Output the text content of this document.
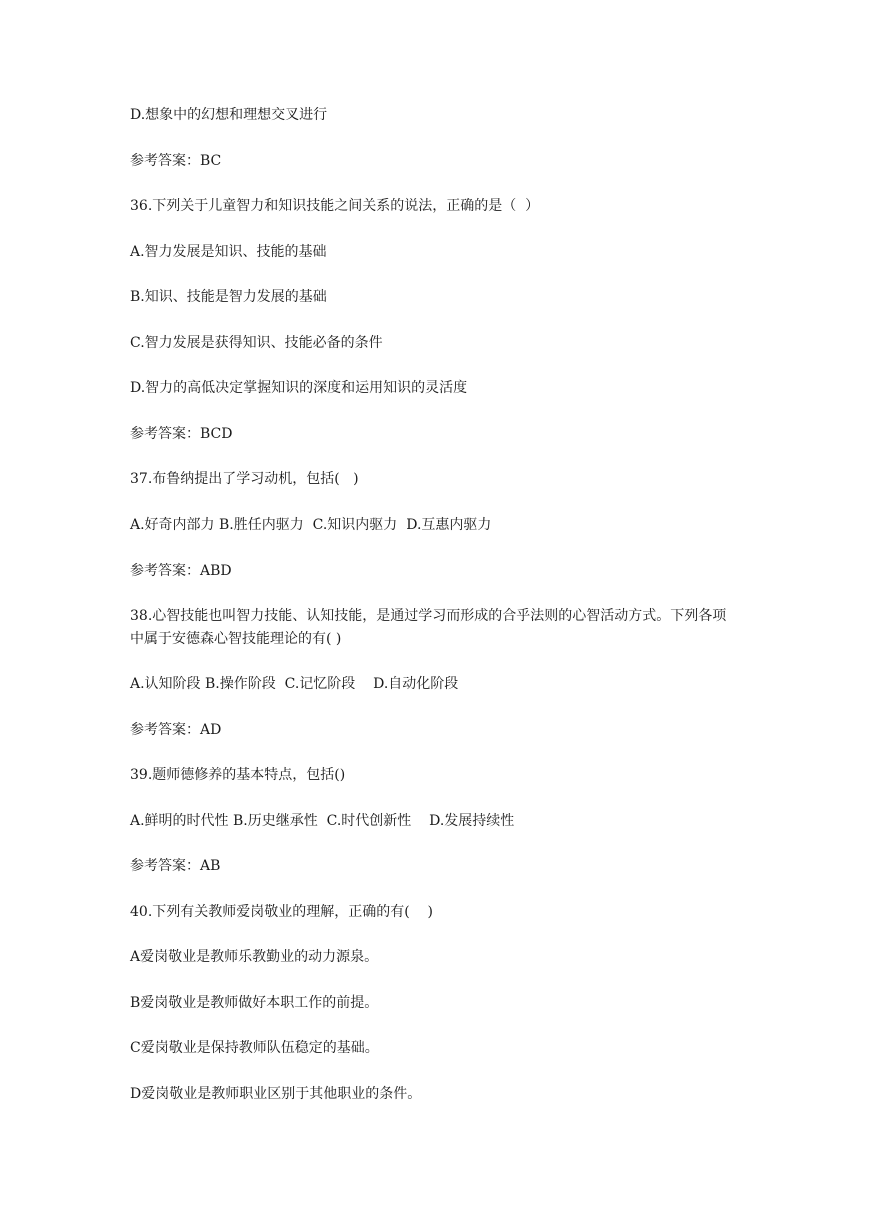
D.想象中的幻想和理想交叉进行
参考答案：BC
36.下列关于儿童智力和知识技能之间关系的说法，正确的是（  ）
A.智力发展是知识、技能的基础
B.知识、技能是智力发展的基础
C.智力发展是获得知识、技能必备的条件
D.智力的高低决定掌握知识的深度和运用知识的灵活度
参考答案：BCD
37.布鲁纳提出了学习动机，包括(   )
A.好奇内部力 B.胜任内驱力  C.知识内驱力  D.互惠内驱力
参考答案：ABD
38.心智技能也叫智力技能、认知技能，是通过学习而形成的合乎法则的心智活动方式。下列各项中属于安德森心智技能理论的有( )
A.认知阶段 B.操作阶段  C.记忆阶段    D.自动化阶段
参考答案：AD
39.题师德修养的基本特点，包括()
A.鲜明的时代性 B.历史继承性  C.时代创新性    D.发展持续性
参考答案：AB
40.下列有关教师爱岗敬业的理解，正确的有(    )
A爱岗敬业是教师乐教勤业的动力源泉。
B爱岗敬业是教师做好本职工作的前提。
C爱岗敬业是保持教师队伍稳定的基础。
D爱岗敬业是教师职业区别于其他职业的条件。
